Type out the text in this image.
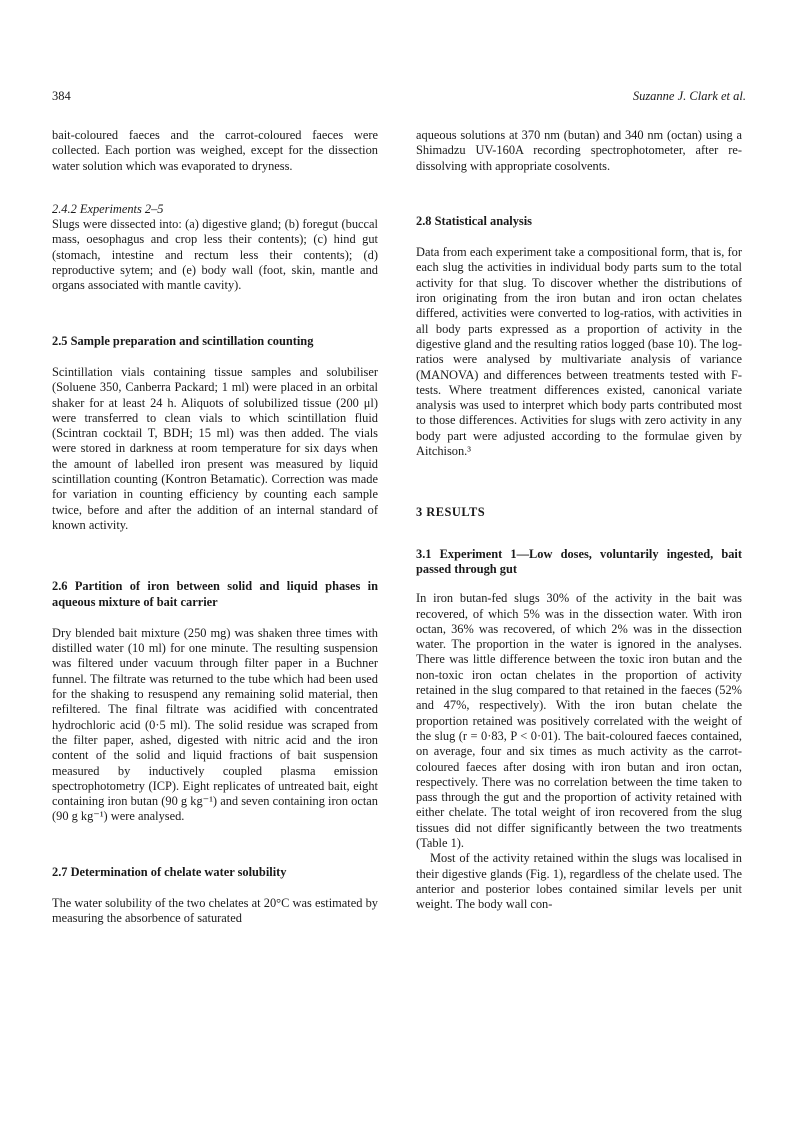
384	Suzanne J. Clark et al.

bait-coloured faeces and the carrot-coloured faeces were collected. Each portion was weighed, except for the dissection water solution which was evaporated to dryness.

2.4.2 Experiments 2–5

Slugs were dissected into: (a) digestive gland; (b) foregut (buccal mass, oesophagus and crop less their contents); (c) hind gut (stomach, intestine and rectum less their contents); (d) reproductive sytem; and (e) body wall (foot, skin, mantle and organs associated with mantle cavity).

2.5 Sample preparation and scintillation counting

Scintillation vials containing tissue samples and solubiliser (Soluene 350, Canberra Packard; 1 ml) were placed in an orbital shaker for at least 24 h. Aliquots of solubilized tissue (200 μl) were transferred to clean vials to which scintillation fluid (Scintran cocktail T, BDH; 15 ml) was then added. The vials were stored in darkness at room temperature for six days when the amount of labelled iron present was measured by liquid scintillation counting (Kontron Betamatic). Correction was made for variation in counting efficiency by counting each sample twice, before and after the addition of an internal standard of known activity.

2.6 Partition of iron between solid and liquid phases in aqueous mixture of bait carrier

Dry blended bait mixture (250 mg) was shaken three times with distilled water (10 ml) for one minute. The resulting suspension was filtered under vacuum through filter paper in a Buchner funnel. The filtrate was returned to the tube which had been used for the shaking to resuspend any remaining solid material, then refiltered. The final filtrate was acidified with concentrated hydrochloric acid (0·5 ml). The solid residue was scraped from the filter paper, ashed, digested with nitric acid and the iron content of the solid and liquid fractions of bait suspension measured by inductively coupled plasma emission spectrophotometry (ICP). Eight replicates of untreated bait, eight containing iron butan (90 g kg⁻¹) and seven containing iron octan (90 g kg⁻¹) were analysed.

2.7 Determination of chelate water solubility

The water solubility of the two chelates at 20°C was estimated by measuring the absorbence of saturated

aqueous solutions at 370 nm (butan) and 340 nm (octan) using a Shimadzu UV-160A recording spectrophotometer, after re-dissolving with appropriate cosolvents.

2.8 Statistical analysis

Data from each experiment take a compositional form, that is, for each slug the activities in individual body parts sum to the total activity for that slug. To discover whether the distributions of iron originating from the iron butan and iron octan chelates differed, activities were converted to log-ratios, with activities in all body parts expressed as a proportion of activity in the digestive gland and the resulting ratios logged (base 10). The log-ratios were analysed by multivariate analysis of variance (MANOVA) and differences between treatments tested with F-tests. Where treatment differences existed, canonical variate analysis was used to interpret which body parts contributed most to those differences. Activities for slugs with zero activity in any body part were adjusted according to the formulae given by Aitchison.³

3 RESULTS

3.1 Experiment 1—Low doses, voluntarily ingested, bait passed through gut

In iron butan-fed slugs 30% of the activity in the bait was recovered, of which 5% was in the dissection water. With iron octan, 36% was recovered, of which 2% was in the dissection water. The proportion in the water is ignored in the analyses. There was little difference between the toxic iron butan and the non-toxic iron octan chelates in the proportion of activity retained in the slug compared to that retained in the faeces (52% and 47%, respectively). With the iron butan chelate the proportion retained was positively correlated with the weight of the slug (r = 0·83, P < 0·01). The bait-coloured faeces contained, on average, four and six times as much activity as the carrot-coloured faeces after dosing with iron butan and iron octan, respectively. There was no correlation between the time taken to pass through the gut and the proportion of activity retained with either chelate. The total weight of iron recovered from the slug tissues did not differ significantly between the two treatments (Table 1).

Most of the activity retained within the slugs was localised in their digestive glands (Fig. 1), regardless of the chelate used. The anterior and posterior lobes contained similar levels per unit weight. The body wall con-
